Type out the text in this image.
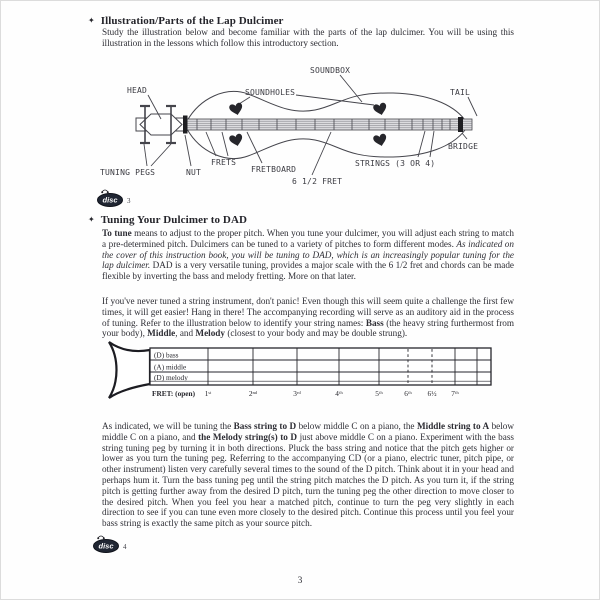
✦ Illustration/Parts of the Lap Dulcimer
Study the illustration below and become familiar with the parts of the lap dulcimer. You will be using this illustration in the lessons which follow this introductory section.
HEAD
SOUNDBOX
SOUNDHOLES	TAIL
TUNING PEGS	NUT
FRETS
FRETBOARD
6 1/2 FRET
STRINGS (3 OR 4)
BRIDGE
disc 3
✦ Tuning Your Dulcimer to DAD
To tune means to adjust to the proper pitch. When you tune your dulcimer, you will adjust each string to match a pre-determined pitch. Dulcimers can be tuned to a variety of pitches to form different modes. As indicated on the cover of this instruction book, you will be tuning to DAD, which is an increasingly popular tuning for the lap dulcimer. DAD is a very versatile tuning, provides a major scale with the 6 1/2 fret and chords can be made flexible by inverting the bass and melody fretting. More on that later.
If you've never tuned a string instrument, don't panic! Even though this will seem quite a challenge the first few times, it will get easier! Hang in there! The accompanying recording will serve as an auditory aid in the process of tuning. Refer to the illustration below to identify your string names: Bass (the heavy string furthermost from your body), Middle, and Melody (closest to your body and may be double strung).
(D) bass
(A) middle
(D) melody
FRET: (open) 1ˢᵗ	2ⁿᵈ	3ʳᵈ	4ᵗʰ	5ᵗʰ	6ᵗʰ 6½ 7ᵗʰ
As indicated, we will be tuning the Bass string to D below middle C on a piano, the Middle string to A below middle C on a piano, and the Melody string(s) to D just above middle C on a piano. Experiment with the bass string tuning peg by turning it in both directions. Pluck the bass string and notice that the pitch gets higher or lower as you turn the tuning peg. Referring to the accompanying CD (or a piano, electric tuner, pitch pipe, or other instrument) listen very carefully several times to the sound of the D pitch. Think about it in your head and perhaps hum it. Turn the bass tuning peg until the string pitch matches the D pitch. As you turn it, if the string pitch is getting further away from the desired D pitch, turn the tuning peg the other direction to move closer to the desired pitch. When you feel you hear a matched pitch, continue to turn the peg very slightly in each direction to see if you can tune even more closely to the desired pitch. Continue this process until you feel your bass string is exactly the same pitch as your source pitch.
disc 4
3
